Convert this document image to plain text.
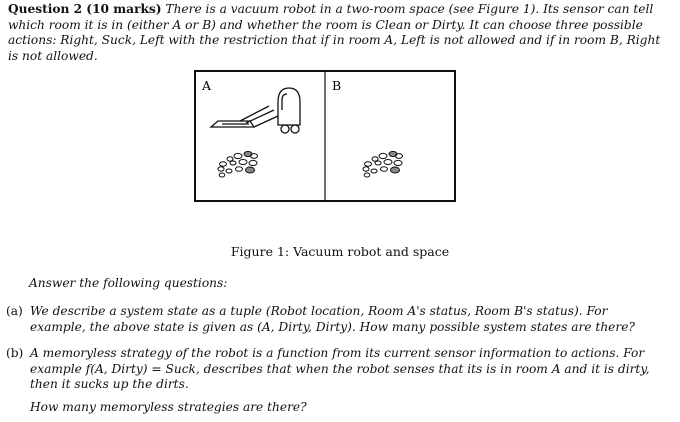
Question 2 (10 marks) There is a vacuum robot in a two-room space (see Figure 1). Its sensor can tell which room it is in (either A or B) and whether the room is Clean or Dirty. It can choose three possible actions: Right, Suck, Left with the restriction that if in room A, Left is not allowed and if in room B, Right is not allowed.
A	B
Figure 1: Vacuum robot and space
Answer the following questions:
(a) We describe a system state as a tuple (Robot location, Room A's status, Room B's status). For example, the above state is given as (A, Dirty, Dirty). How many possible system states are there?
(b) A memoryless strategy of the robot is a function from its current sensor information to actions. For example f(A, Dirty) = Suck, describes that when the robot senses that its is in room A and it is dirty, then it sucks up the dirts.
How many memoryless strategies are there?
